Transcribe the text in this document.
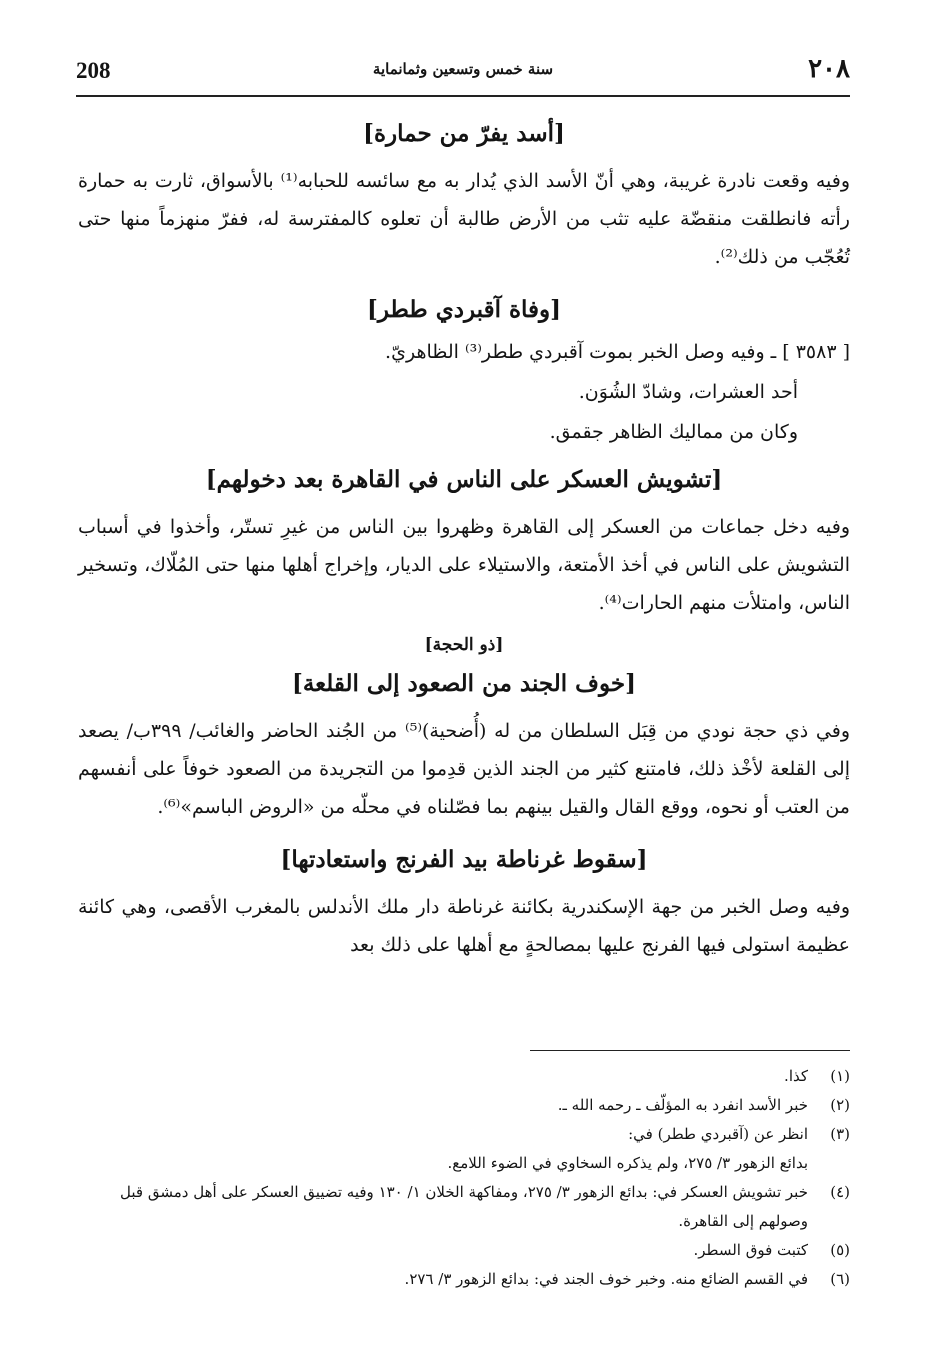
208	سنة خمس وتسعين وثمانماية	٢٠٨
[أسد يفرّ من حمارة]

وفيه وقعت نادرة غريبة، وهي أنّ الأسد الذي يُدار به مع سائسه للحبابه⁽¹⁾ بالأسواق، ثارت به حمارة رأته فانطلقت منقضّة عليه تثب من الأرض طالبة أن تعلوه كالمفترسة له، ففرّ منهزماً منها حتى تُعُجّب من ذلك⁽²⁾.

[وفاة آقبردي ططر]
[ ٣٥٨٣ ] ـ وفيه وصل الخبر بموت آقبردي ططر⁽³⁾ الظاهريّ.
أحد العشرات، وشادّ الشُوَن.
وكان من مماليك الظاهر جقمق.
[تشويش العسكر على الناس في القاهرة بعد دخولهم]

وفيه دخل جماعات من العسكر إلى القاهرة وظهروا بين الناس من غيرِ تستّر، وأخذوا في أسباب التشويش على الناس في أخذ الأمتعة، والاستيلاء على الديار، وإخراج أهلها منها حتى المُلّاك، وتسخير الناس، وامتلأت منهم الحارات⁽⁴⁾.

[ذو الحجة]
[خوف الجند من الصعود إلى القلعة]

وفي ذي حجة نودي من قِبَل السلطان من له (أُضحية)⁽⁵⁾ من الجُند الحاضر والغائب/ ٣٩٩ب/ يصعد إلى القلعة لأخْذ ذلك، فامتنع كثير من الجند الذين قدِموا من التجريدة من الصعود خوفاً على أنفسهم من العتب أو نحوه، ووقع القال والقيل بينهم بما فصّلناه في محلّه من «الروض الباسم»⁽⁶⁾.

[سقوط غرناطة بيد الفرنج واستعادتها]

وفيه وصل الخبر من جهة الإسكندرية بكائنة غرناطة دار ملك الأندلس بالمغرب الأقصى، وهي كائنة عظيمة استولى فيها الفرنج عليها بمصالحةٍ مع أهلها على ذلك بعد

(١)
كذا.
(٢)
خبر الأسد انفرد به المؤلّف ـ رحمه الله ـ.
(٣)
انظر عن (آقبردي ططر) في:
بدائع الزهور ٣/ ٢٧٥، ولم يذكره السخاوي في الضوء اللامع.
(٤)
خبر تشويش العسكر في: بدائع الزهور ٣/ ٢٧٥، ومفاكهة الخلان ١/ ١٣٠ وفيه تضييق العسكر على أهل دمشق قبل وصولهم إلى القاهرة.
(٥)
كتبت فوق السطر.
(٦)
في القسم الضائع منه. وخبر خوف الجند في: بدائع الزهور ٣/ ٢٧٦.
